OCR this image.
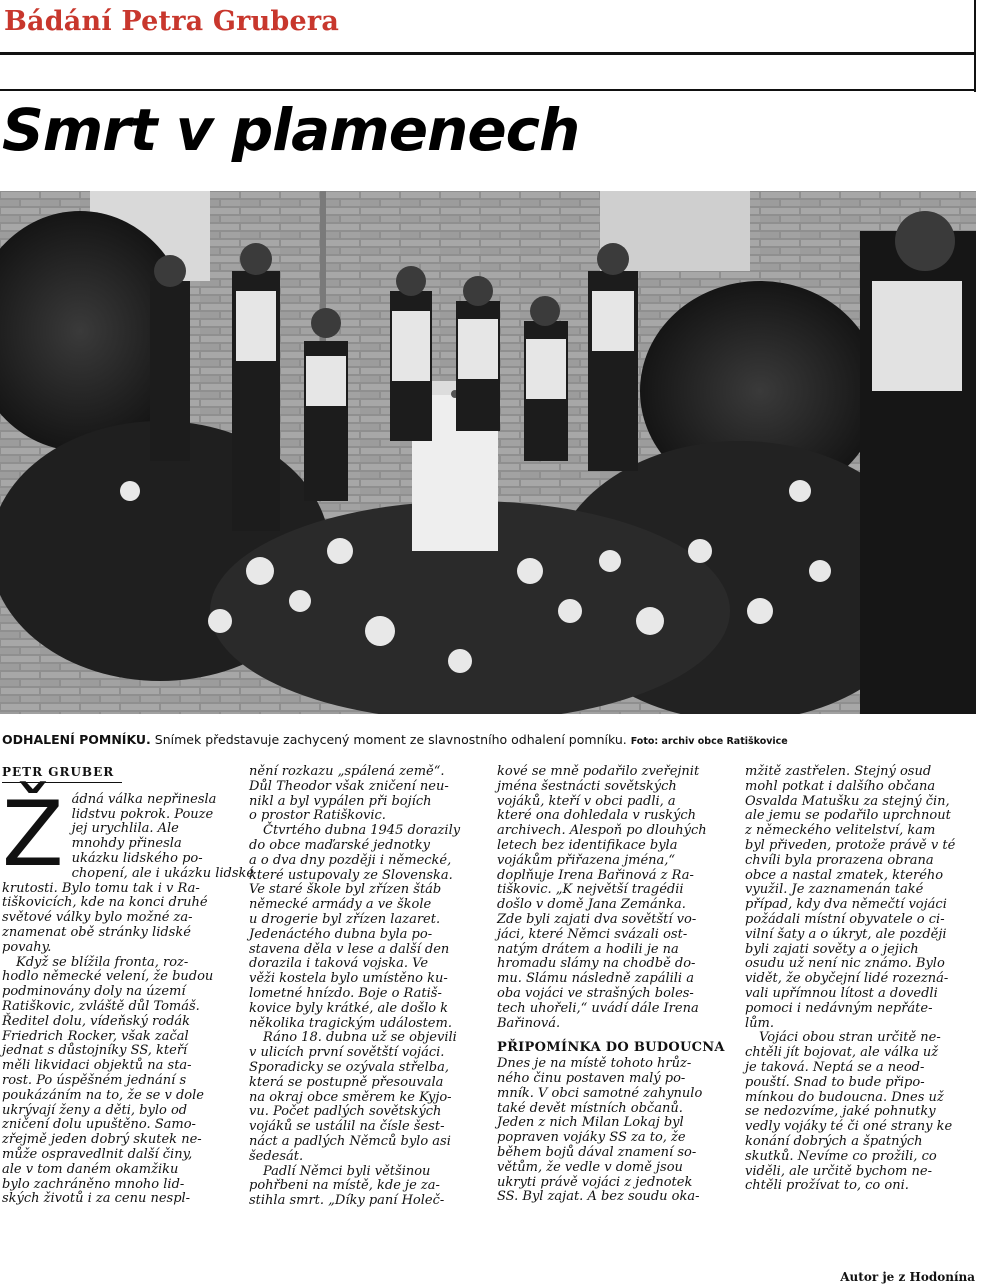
Bádání Petra Grubera
Smrt v plamenech
ODHALENÍ POMNÍKU. Snímek představuje zachycený moment ze slavnostního odhalení pomníku. Foto: archiv obce Ratiškovice
PETR GRUBER
Ž ádná válka nepřinesla
lidstvu pokrok. Pouze
jej urychlila. Ale
mnohdy přinesla
ukázku lidského po-
chopení, ale i ukázku lidské
krutosti. Bylo tomu tak i v Ra-
tiškovicích, kde na konci druhé
světové války bylo možné za-
znamenat obě stránky lidské
povahy.
Když se blížila fronta, roz-
hodlo německé velení, že budou
podminovány doly na území
Ratiškovic, zvláště důl Tomáš.
Ředitel dolu, vídeňský rodák
Friedrich Rocker, však začal
jednat s důstojníky SS, kteří
měli likvidaci objektů na sta-
rost. Po úspěšném jednání s
poukázáním na to, že se v dole
ukrývají ženy a děti, bylo od
zničení dolu upuštěno. Samo-
zřejmě jeden dobrý skutek ne-
může ospravedlnit další činy,
ale v tom daném okamžiku
bylo zachráněno mnoho lid-
ských životů i za cenu nespl-
nění rozkazu „spálená země“.
Důl Theodor však zničení neu-
nikl a byl vypálen při bojích
o prostor Ratiškovic.
Čtvrtého dubna 1945 dorazily
do obce maďarské jednotky
a o dva dny později i německé,
které ustupovaly ze Slovenska.
Ve staré škole byl zřízen štáb
německé armády a ve škole
u drogerie byl zřízen lazaret.
Jedenáctého dubna byla po-
stavena děla v lese a další den
dorazila i taková vojska. Ve
věži kostela bylo umístěno ku-
lometné hnízdo. Boje o Ratiš-
kovice byly krátké, ale došlo k
několika tragickým událostem.
Ráno 18. dubna už se objevili
v ulicích první sovětští vojáci.
Sporadicky se ozývala střelba,
která se postupně přesouvala
na okraj obce směrem ke Kyjo-
vu. Počet padlých sovětských
vojáků se ustálil na čísle šest-
náct a padlých Němců bylo asi
šedesát.
Padlí Němci byli většinou
pohřbeni na místě, kde je za-
stihla smrt. „Díky paní Holeč-
kové se mně podařilo zveřejnit
jména šestnácti sovětských
vojáků, kteří v obci padli, a
které ona dohledala v ruských
archivech. Alespoň po dlouhých
letech bez identifikace byla
vojákům přiřazena jména,“
doplňuje Irena Bařinová z Ra-
tiškovic. „K největší tragédii
došlo v domě Jana Zemánka.
Zde byli zajati dva sovětští vo-
jáci, které Němci svázali ost-
natým drátem a hodili je na
hromadu slámy na chodbě do-
mu. Slámu následně zapálili a
oba vojáci ve strašných boles-
tech uhořeli,“ uvádí dále Irena
Bařinová.
PŘIPOMÍNKA DO BUDOUCNA
Dnes je na místě tohoto hrůz-
ného činu postaven malý po-
mník. V obci samotné zahynulo
také devět místních občanů.
Jeden z nich Milan Lokaj byl
popraven vojáky SS za to, že
během bojů dával znamení so-
větům, že vedle v domě jsou
ukryti právě vojáci z jednotek
SS. Byl zajat. A bez soudu oka-
mžitě zastřelen. Stejný osud
mohl potkat i dalšího občana
Osvalda Matušku za stejný čin,
ale jemu se podařilo uprchnout
z německého velitelství, kam
byl přiveden, protože právě v té
chvíli byla prorazena obrana
obce a nastal zmatek, kterého
využil. Je zaznamenán také
případ, kdy dva němečtí vojáci
požádali místní obyvatele o ci-
vilní šaty a o úkryt, ale později
byli zajati sověty a o jejich
osudu už není nic známo. Bylo
vidět, že obyčejní lidé rozezná-
vali upřímnou lítost a dovedli
pomoci i nedávným nepřáte-
lům.
Vojáci obou stran určitě ne-
chtěli jít bojovat, ale válka už
je taková. Neptá se a neod-
pouští. Snad to bude připo-
mínkou do budoucna. Dnes už
se nedozvíme, jaké pohnutky
vedly vojáky té či oné strany ke
konání dobrých a špatných
skutků. Nevíme co prožili, co
viděli, ale určitě bychom ne-
chtěli prožívat to, co oni.
Autor je z Hodonína
